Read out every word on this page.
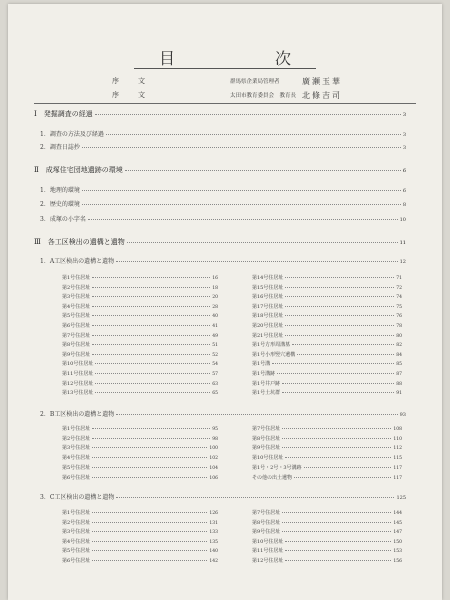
目　次
序　文	群馬県企業局管理者	廣瀬玉華
序　文	太田市教育委員会　教育長 北條吉司
Ⅰ　発掘調査の経過	3
1．調査の方法及び経過	3
2．調査日誌抄	3
Ⅱ　成塚住宅団地遺跡の環境	6
1．地理的環境	6
2．歴史的環境	8
3．成塚の小字名	10
Ⅲ　各工区検出の遺構と遺物	11
1．A工区検出の遺構と遺物	12
第1号住居址	16
第2号住居址	18
第3号住居址	20
第4号住居址	28
第5号住居址	40
第6号住居址	41
第7号住居址	49
第8号住居址	51
第9号住居址	52
第10号住居址	54
第11号住居址	57
第12号住居址	63
第13号住居址	65
第14号住居址	71
第15号住居址	72
第16号住居址	74
第17号住居址	75
第18号住居址	76
第20号住居址	78
第21号住居址	80
第1号方形周溝墓	82
第1号小形竪穴遺構	84
第1号溝	85
第1号溝跡	87
第1号井戸跡	88
第1号土坑群	91
2．B工区検出の遺構と遺物	93
第1号住居址	95
第2号住居址	98
第3号住居址	100
第4号住居址	102
第5号住居址	104
第6号住居址	106
第7号住居址	108
第8号住居址	110
第9号住居址	112
第10号住居址	115
第1号・2号・3号溝跡	117
その他の出土遺物	117
3．C工区検出の遺構と遺物	125
第1号住居址	126
第2号住居址	131
第3号住居址	133
第4号住居址	135
第5号住居址	140
第6号住居址	142
第7号住居址	144
第8号住居址	145
第9号住居址	147
第10号住居址	150
第11号住居址	153
第12号住居址	156
